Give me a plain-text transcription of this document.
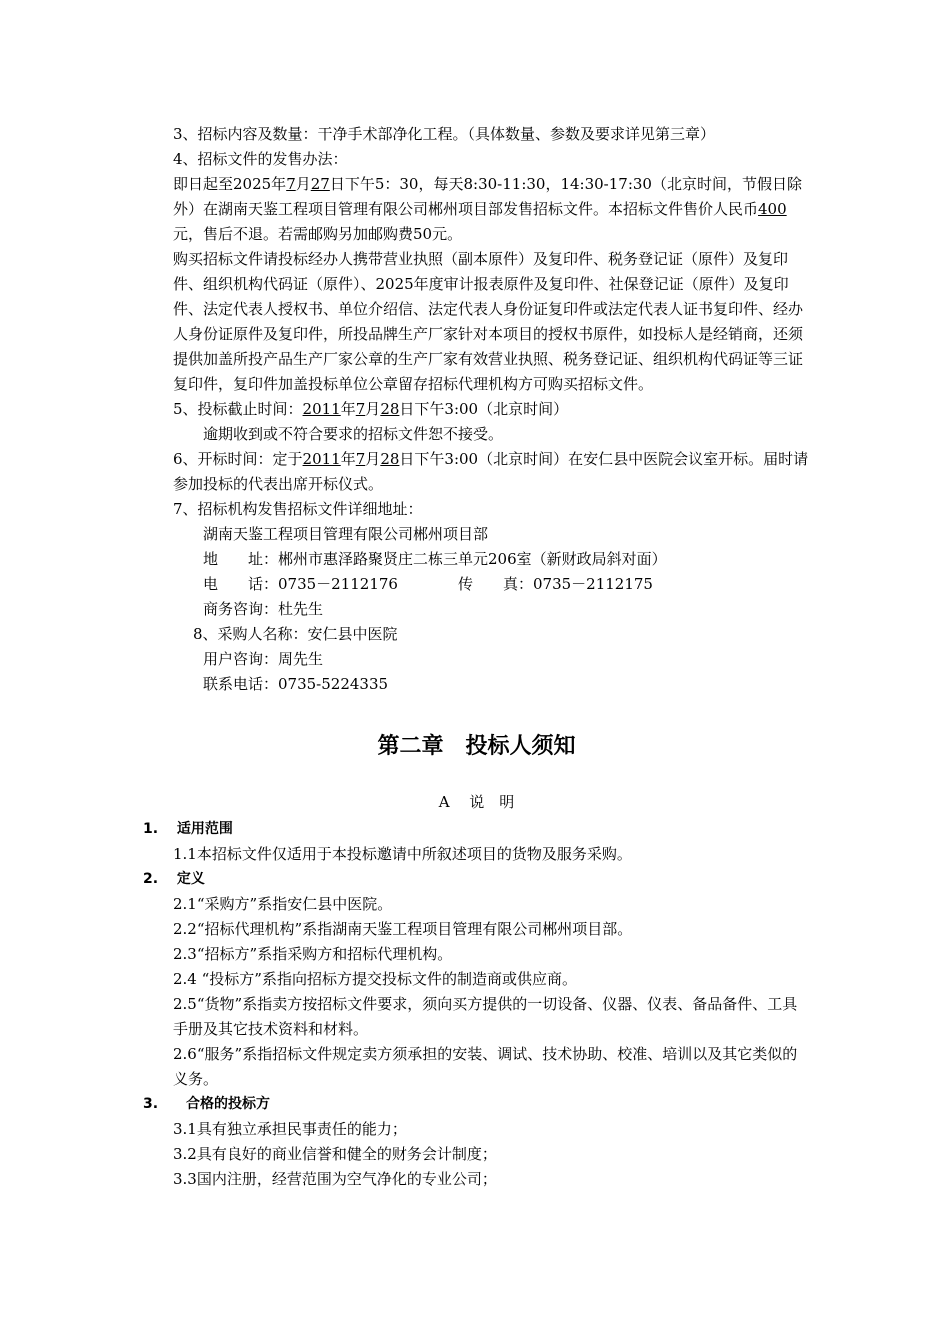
3、招标内容及数量：干净手术部净化工程。（具体数量、参数及要求详见第三章）
4、招标文件的发售办法：
即日起至2025年7月27日下午5：30，每天8:30-11:30，14:30-17:30（北京时间，节假日除外）在湖南天鉴工程项目管理有限公司郴州项目部发售招标文件。本招标文件售价人民币400元，售后不退。若需邮购另加邮购费50元。
购买招标文件请投标经办人携带营业执照（副本原件）及复印件、税务登记证（原件）及复印件、组织机构代码证（原件）、2025年度审计报表原件及复印件、社保登记证（原件）及复印件、法定代表人授权书、单位介绍信、法定代表人身份证复印件或法定代表人证书复印件、经办人身份证原件及复印件，所投品牌生产厂家针对本项目的授权书原件，如投标人是经销商，还须提供加盖所投产品生产厂家公章的生产厂家有效营业执照、税务登记证、组织机构代码证等三证复印件，复印件加盖投标单位公章留存招标代理机构方可购买招标文件。
5、投标截止时间：2011年7月28日下午3:00（北京时间）
逾期收到或不符合要求的招标文件恕不接受。
6、开标时间：定于2011年7月28日下午3:00（北京时间）在安仁县中医院会议室开标。届时请参加投标的代表出席开标仪式。
7、招标机构发售招标文件详细地址：
湖南天鉴工程项目管理有限公司郴州项目部
地　　址：郴州市惠泽路聚贤庄二栋三单元206室（新财政局斜对面）
电　　话：0735－2112176	传　　真：0735－2112175
商务咨询：杜先生
8、采购人名称：安仁县中医院
用户咨询：周先生
联系电话：0735-5224335
第二章　投标人须知
A　 说　明
1.　 适用范围
1.1本招标文件仅适用于本投标邀请中所叙述项目的货物及服务采购。
2.　 定义
2.1“采购方”系指安仁县中医院。
2.2“招标代理机构”系指湖南天鉴工程项目管理有限公司郴州项目部。
2.3“招标方”系指采购方和招标代理机构。
2.4 “投标方”系指向招标方提交投标文件的制造商或供应商。
2.5“货物”系指卖方按招标文件要求，须向买方提供的一切设备、仪器、仪表、备品备件、工具手册及其它技术资料和材料。
2.6“服务”系指招标文件规定卖方须承担的安装、调试、技术协助、校准、培训以及其它类似的义务。
3.　　合格的投标方
3.1具有独立承担民事责任的能力；
3.2具有良好的商业信誉和健全的财务会计制度；
3.3国内注册，经营范围为空气净化的专业公司；
